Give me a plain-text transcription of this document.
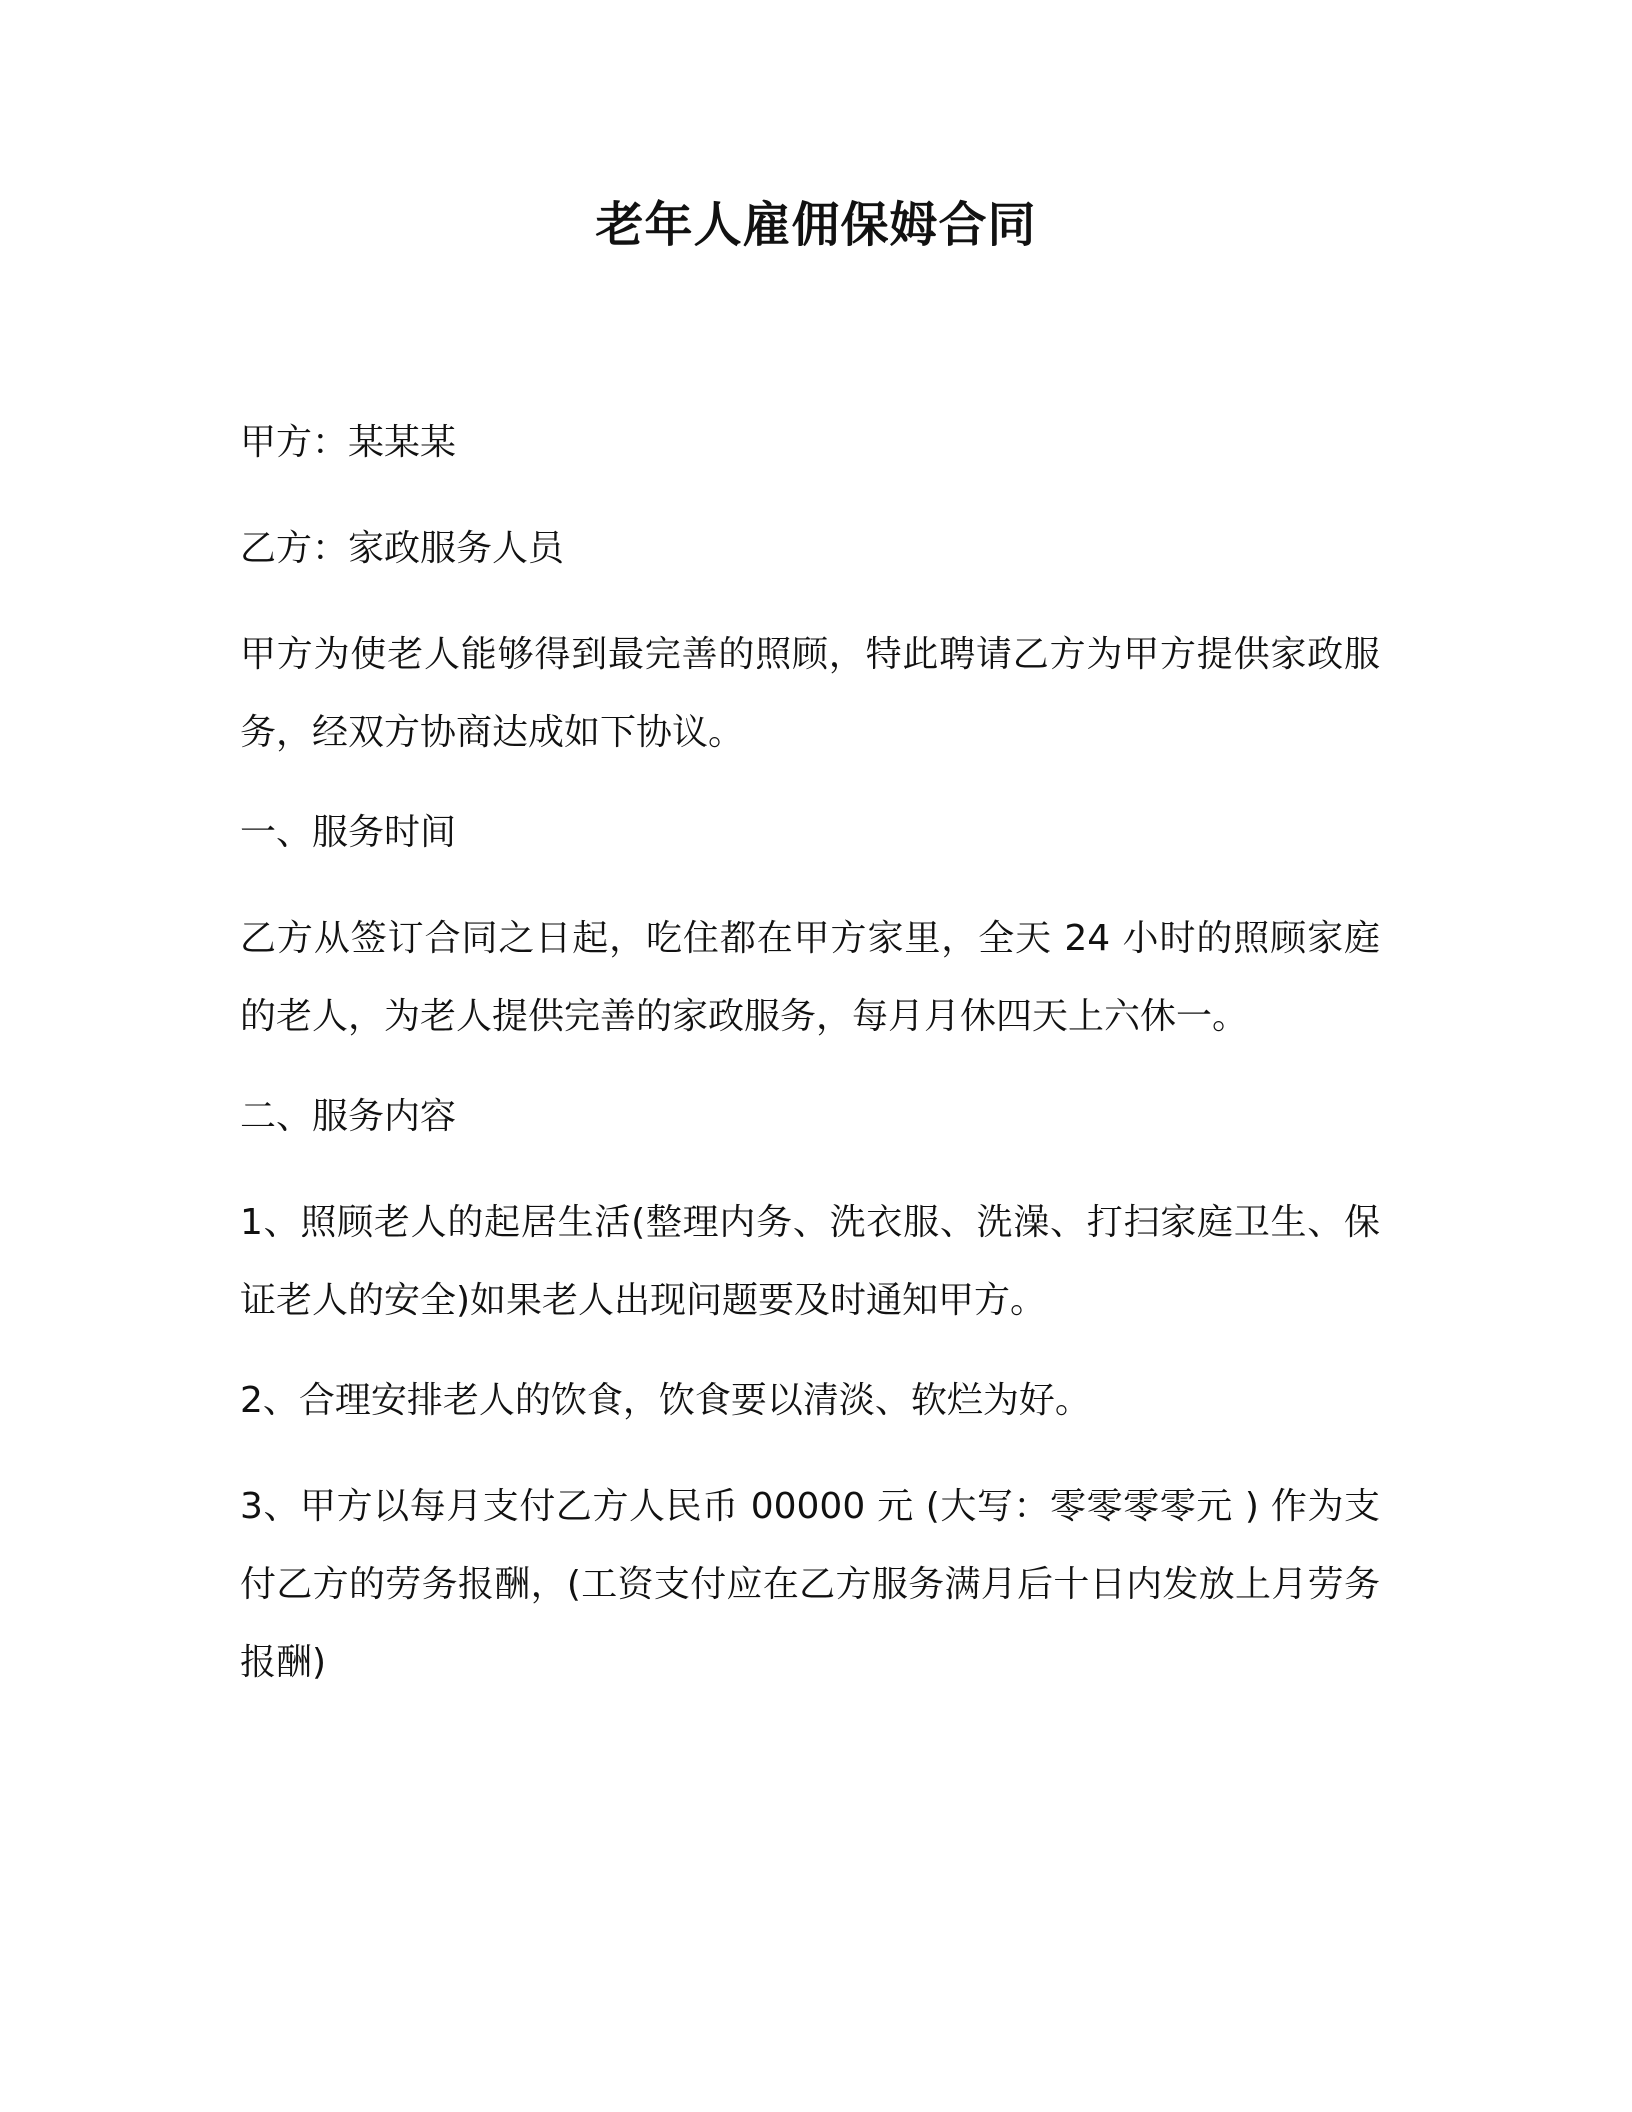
老年人雇佣保姆合同

甲方：某某某

乙方：家政服务人员

甲方为使老人能够得到最完善的照顾，特此聘请乙方为甲方提供家政服务，经双方协商达成如下协议。

一、服务时间

乙方从签订合同之日起，吃住都在甲方家里，全天 24 小时的照顾家庭的老人，为老人提供完善的家政服务，每月月休四天上六休一。

二、服务内容

1、照顾老人的起居生活(整理内务、洗衣服、洗澡、打扫家庭卫生、保证老人的安全)如果老人出现问题要及时通知甲方。

2、合理安排老人的饮食，饮食要以清淡、软烂为好。

3、甲方以每月支付乙方人民币 00000 元 (大写：零零零零元 ) 作为支付乙方的劳务报酬，(工资支付应在乙方服务满月后十日内发放上月劳务报酬)
